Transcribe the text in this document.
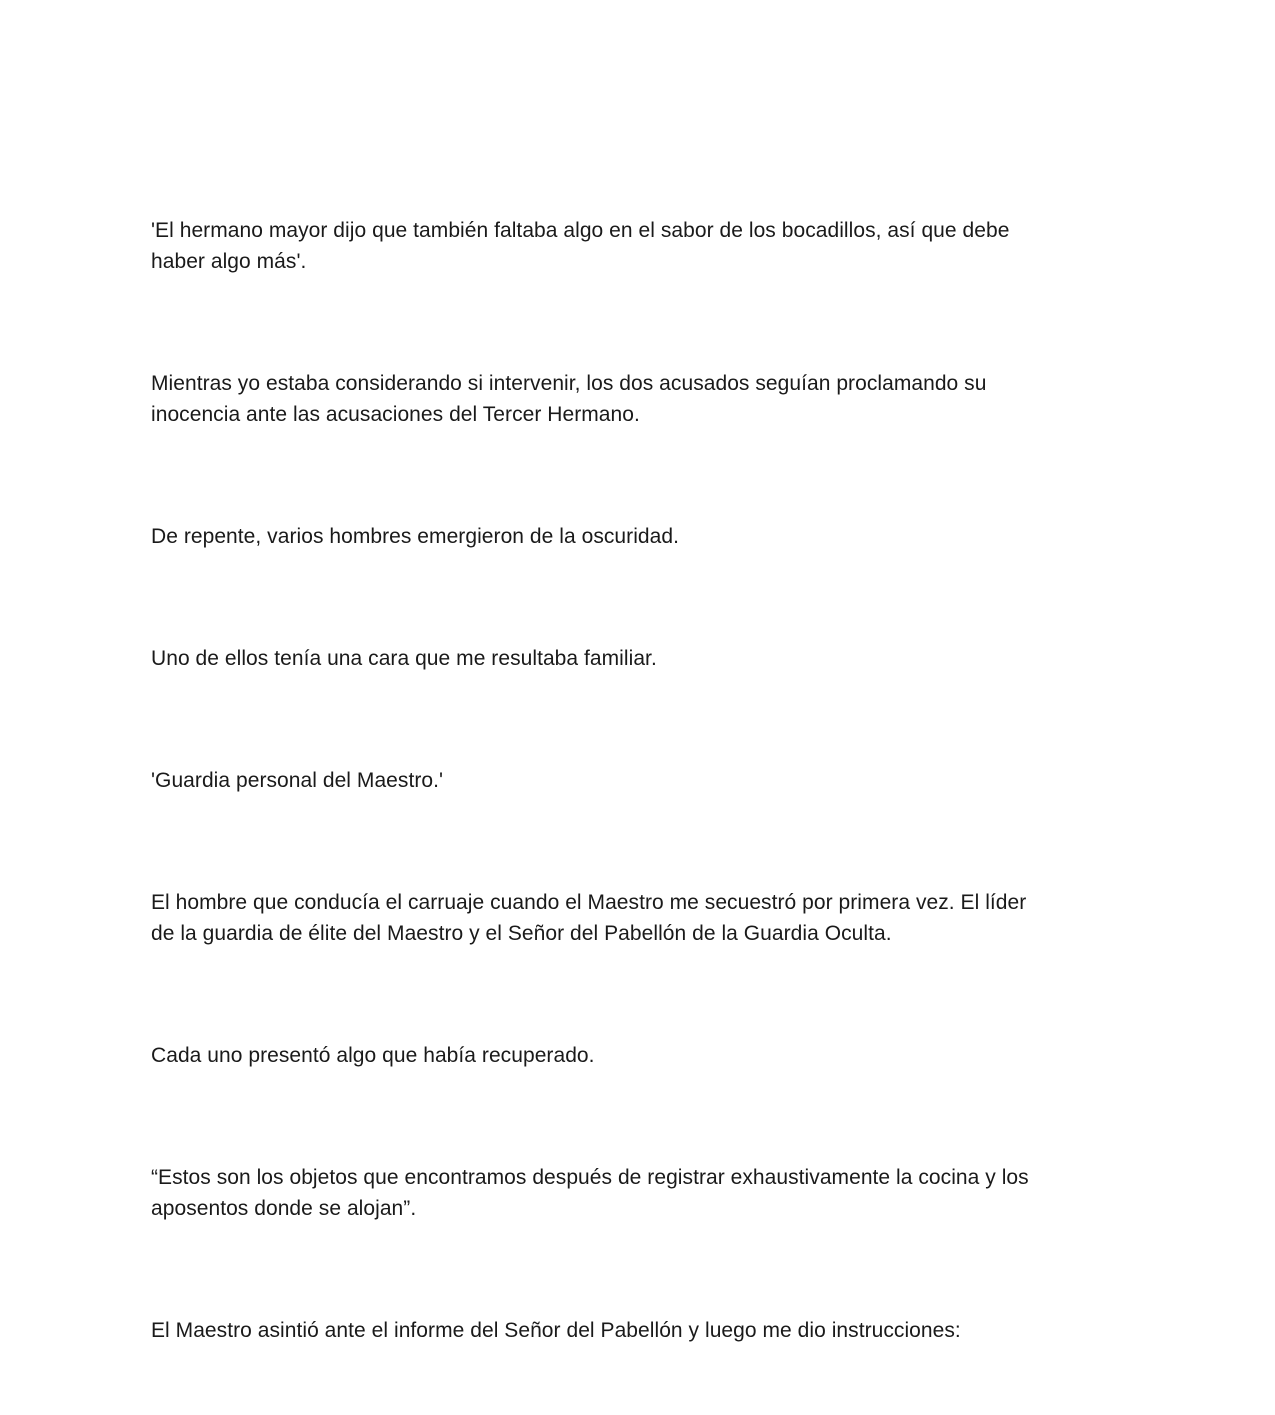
'El hermano mayor dijo que también faltaba algo en el sabor de los bocadillos, así que debe
haber algo más'.

Mientras yo estaba considerando si intervenir, los dos acusados seguían proclamando su
inocencia ante las acusaciones del Tercer Hermano.

De repente, varios hombres emergieron de la oscuridad.

Uno de ellos tenía una cara que me resultaba familiar.

'Guardia personal del Maestro.'

El hombre que conducía el carruaje cuando el Maestro me secuestró por primera vez. El líder
de la guardia de élite del Maestro y el Señor del Pabellón de la Guardia Oculta.

Cada uno presentó algo que había recuperado.

“Estos son los objetos que encontramos después de registrar exhaustivamente la cocina y los
aposentos donde se alojan”.

El Maestro asintió ante el informe del Señor del Pabellón y luego me dio instrucciones:
